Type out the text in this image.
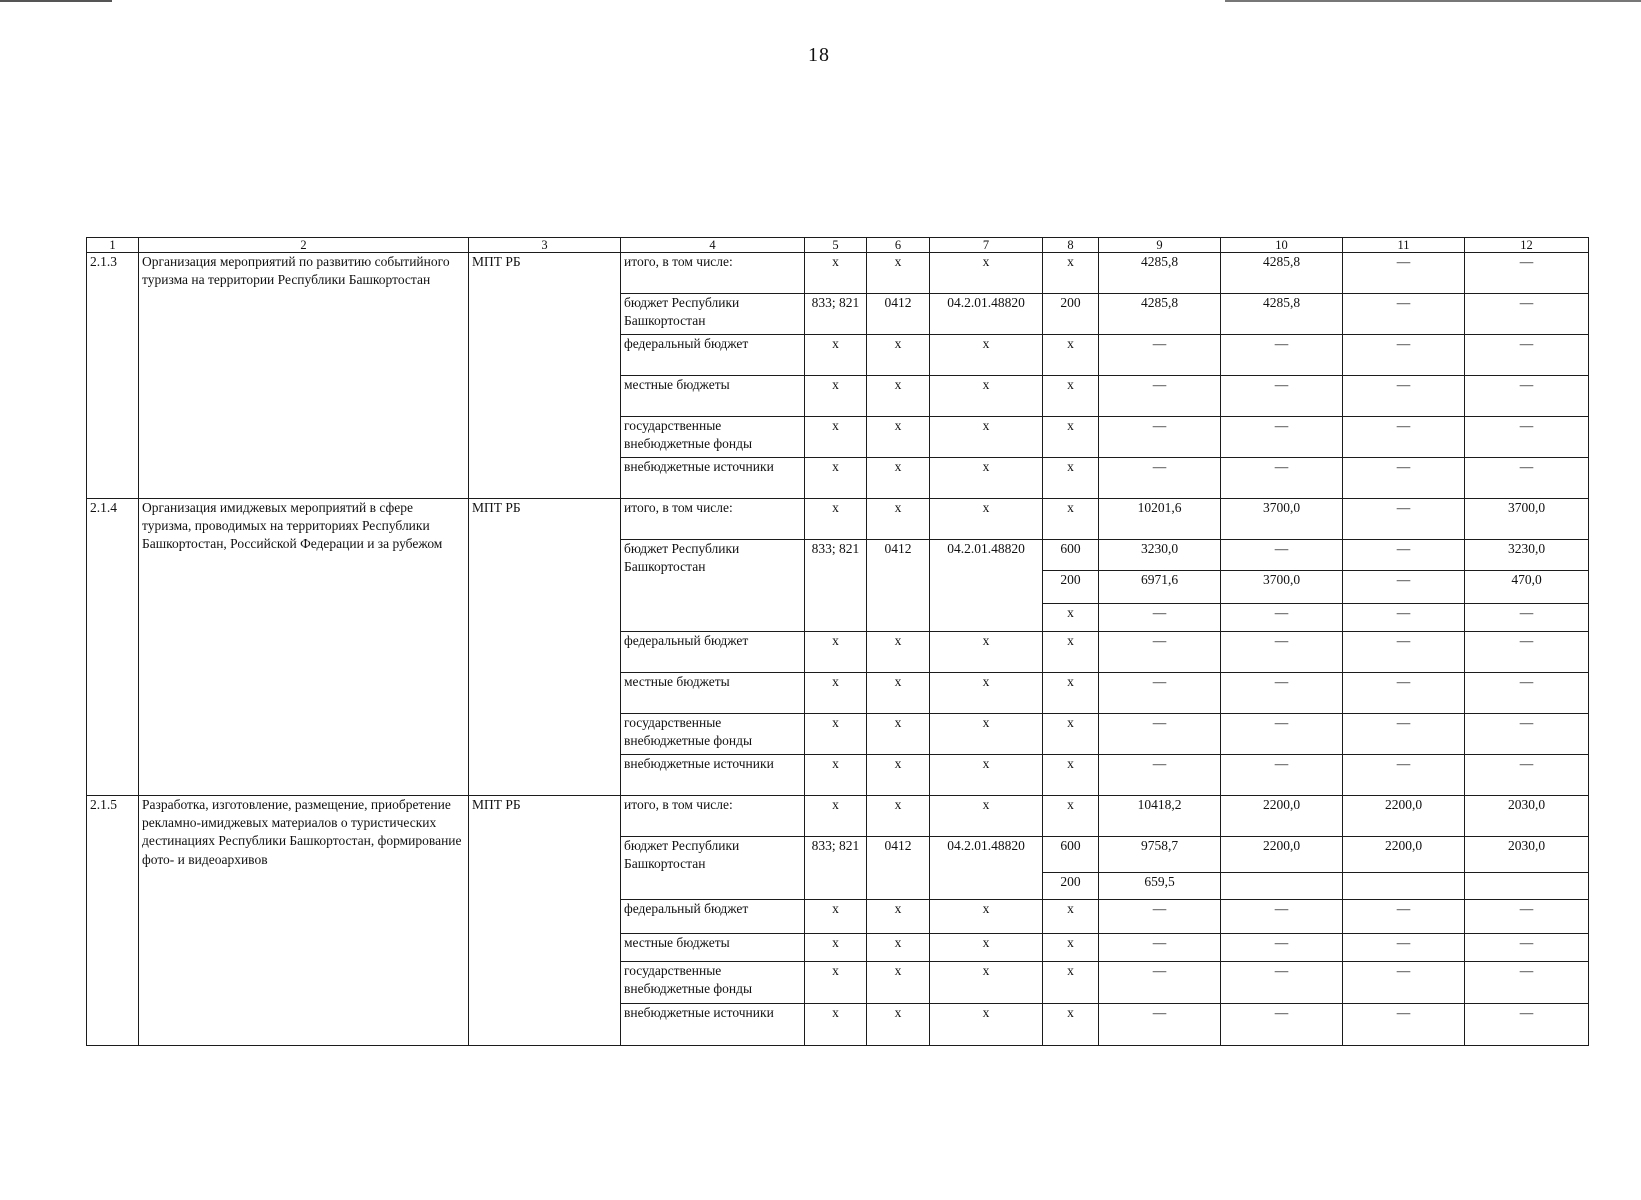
18
1	2	3	4	5	6	7	8	9	10	11	12
2.1.3	Организация мероприятий по развитию событийного туризма на территории Республики Башкортостан	МПТ РБ	итого, в том числе:	х	х	х	х	4285,8	4285,8	—	—
			бюджет Республики Башкортостан	833; 821	0412	04.2.01.48820	200	4285,8	4285,8	—	—
			федеральный бюджет	х	х	х	х	—	—	—	—
			местные бюджеты	х	х	х	х	—	—	—	—
			государственные внебюджетные фонды	х	х	х	х	—	—	—	—
			внебюджетные источники	х	х	х	х	—	—	—	—
2.1.4	Организация имиджевых мероприятий в сфере туризма, проводимых на территориях Республики Башкортостан, Российской Федерации и за рубежом	МПТ РБ	итого, в том числе:	х	х	х	х	10201,6	3700,0	—	3700,0
			бюджет Республики Башкортостан	833; 821	0412	04.2.01.48820	600	3230,0	—	—	3230,0
							200	6971,6	3700,0	—	470,0
							х	—	—	—	—
			федеральный бюджет	х	х	х	х	—	—	—	—
			местные бюджеты	х	х	х	х	—	—	—	—
			государственные внебюджетные фонды	х	х	х	х	—	—	—	—
			внебюджетные источники	х	х	х	х	—	—	—	—
2.1.5	Разработка, изготовление, размещение, приобретение рекламно-имиджевых материалов о туристических дестинациях Республики Башкортостан, формирование фото- и видеоархивов	МПТ РБ	итого, в том числе:	х	х	х	х	10418,2	2200,0	2200,0	2030,0
			бюджет Республики Башкортостан	833; 821	0412	04.2.01.48820	600	9758,7	2200,0	2200,0	2030,0
							200	659,5			
			федеральный бюджет	х	х	х	х	—	—	—	—
			местные бюджеты	х	х	х	х	—	—	—	—
			государственные внебюджетные фонды	х	х	х	х	—	—	—	—
			внебюджетные источники	х	х	х	х	—	—	—	—
